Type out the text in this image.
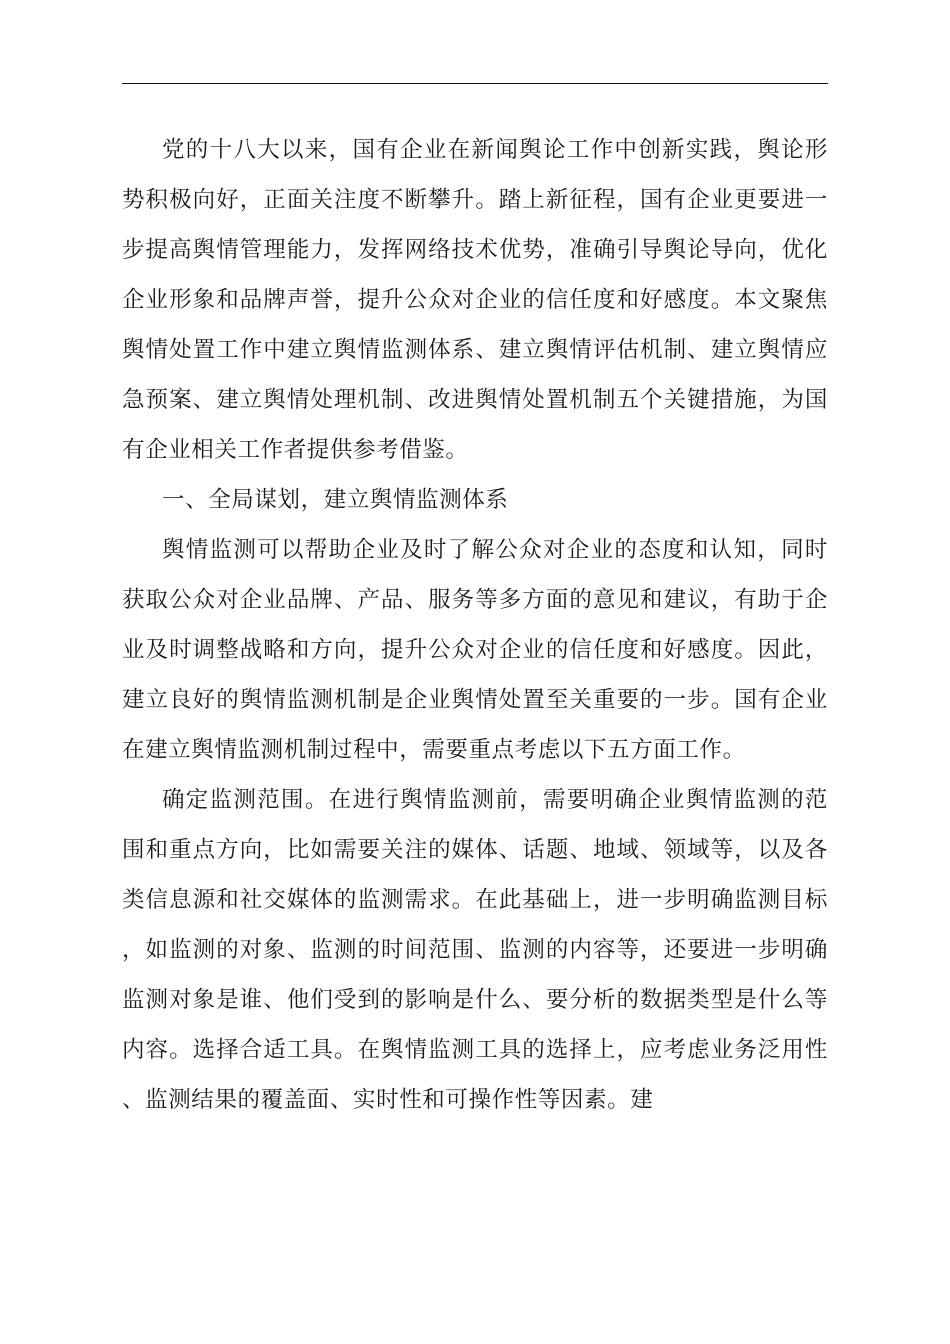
党的十八大以来，国有企业在新闻舆论工作中创新实践，舆论形势积极向好，正面关注度不断攀升。踏上新征程，国有企业更要进一步提高舆情管理能力，发挥网络技术优势，准确引导舆论导向，优化企业形象和品牌声誉，提升公众对企业的信任度和好感度。本文聚焦舆情处置工作中建立舆情监测体系、建立舆情评估机制、建立舆情应急预案、建立舆情处理机制、改进舆情处置机制五个关键措施，为国有企业相关工作者提供参考借鉴。

一、全局谋划，建立舆情监测体系

舆情监测可以帮助企业及时了解公众对企业的态度和认知，同时获取公众对企业品牌、产品、服务等多方面的意见和建议，有助于企业及时调整战略和方向，提升公众对企业的信任度和好感度。因此，建立良好的舆情监测机制是企业舆情处置至关重要的一步。国有企业在建立舆情监测机制过程中，需要重点考虑以下五方面工作。

确定监测范围。在进行舆情监测前，需要明确企业舆情监测的范围和重点方向，比如需要关注的媒体、话题、地域、领域等，以及各类信息源和社交媒体的监测需求。在此基础上，进一步明确监测目标，如监测的对象、监测的时间范围、监测的内容等，还要进一步明确监测对象是谁、他们受到的影响是什么、要分析的数据类型是什么等内容。选择合适工具。在舆情监测工具的选择上，应考虑业务泛用性、监测结果的覆盖面、实时性和可操作性等因素。建
